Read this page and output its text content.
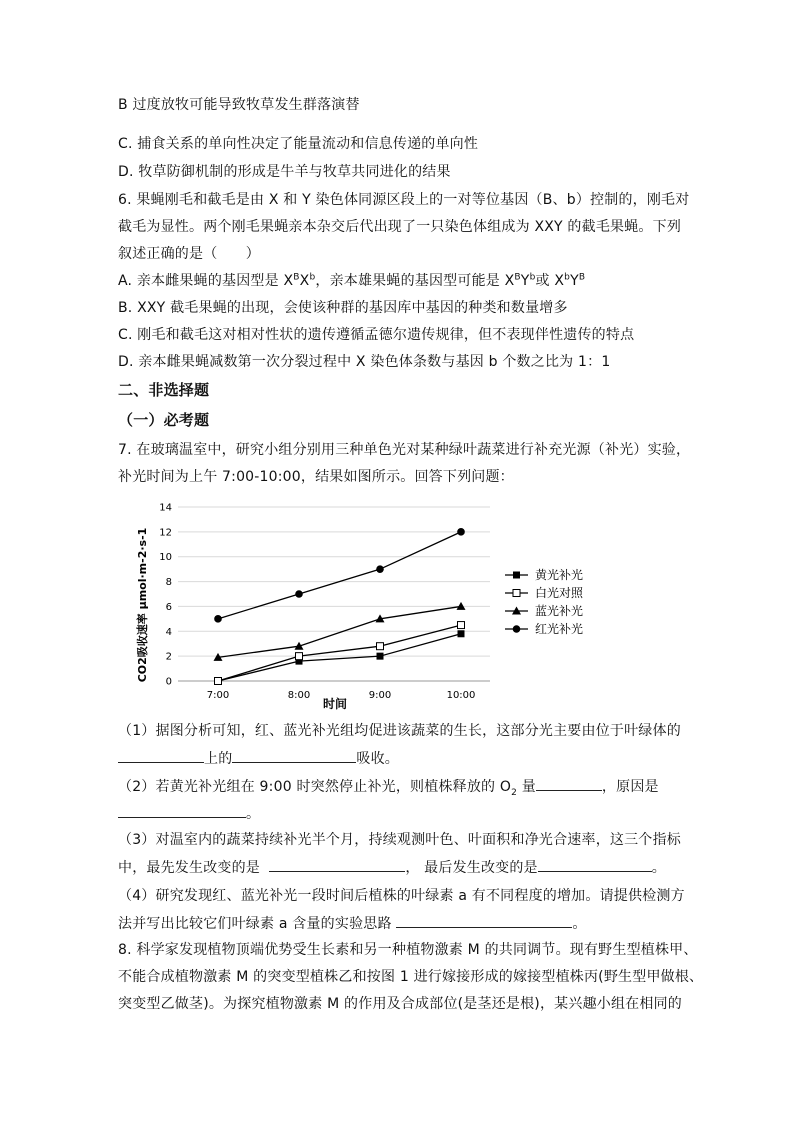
B 过度放牧可能导致牧草发生群落演替
C. 捕食关系的单向性决定了能量流动和信息传递的单向性
D. 牧草防御机制的形成是牛羊与牧草共同进化的结果
6. 果蝇刚毛和截毛是由 X 和 Y 染色体同源区段上的一对等位基因（B、b）控制的，刚毛对
截毛为显性。两个刚毛果蝇亲本杂交后代出现了一只染色体组成为 XXY 的截毛果蝇。下列
叙述正确的是（　　）
A. 亲本雌果蝇的基因型是 $X^BX^b$，亲本雄果蝇的基因型可能是 $X^BY^b$或 $X^bY^B$
B. XXY 截毛果蝇的出现，会使该种群的基因库中基因的种类和数量增多
C. 刚毛和截毛这对相对性状的遗传遵循孟德尔遗传规律，但不表现伴性遗传的特点
D. 亲本雌果蝇减数第一次分裂过程中 X 染色体条数与基因 b 个数之比为 1：1
二、非选择题
（一）必考题
7. 在玻璃温室中，研究小组分别用三种单色光对某种绿叶蔬菜进行补充光源（补光）实验，
补光时间为上午 7:00-10:00，结果如图所示。回答下列问题：
0
2
4
6
8
10
12
14
7:00	8:00	9:00	10:00
黄光补光
白光对照
蓝光补光
红光补光
时间
CO2吸收速率 μmol·m-2·s-1
（1）据图分析可知，红、蓝光补光组均促进该蔬菜的生长，这部分光主要由位于叶绿体的
上的	吸收。
（2）若黄光补光组在 9:00 时突然停止补光，则植株释放的 $O_2$ 量	，原因是
。
（3）对温室内的蔬菜持续补光半个月，持续观测叶色、叶面积和净光合速率，这三个指标
中，最先发生改变的是	， 最后发生改变的是	。
（4）研究发现红、蓝光补光一段时间后植株的叶绿素 a 有不同程度的增加。请提供检测方
法并写出比较它们叶绿素 a 含量的实验思路	。
8. 科学家发现植物顶端优势受生长素和另一种植物激素 M 的共同调节。现有野生型植株甲、
不能合成植物激素 M 的突变型植株乙和按图 1 进行嫁接形成的嫁接型植株丙(野生型甲做根、
突变型乙做茎)。为探究植物激素 M 的作用及合成部位(是茎还是根)，某兴趣小组在相同的
